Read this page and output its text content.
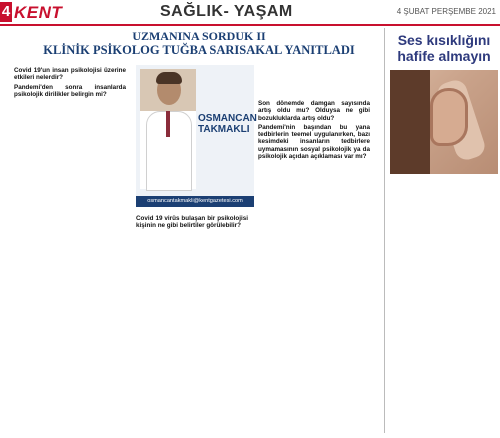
4 KENT	SAĞLIK- YAŞAM	4 ŞUBAT PERŞEMBE 2021
UZMANINA SORDUK II
KLİNİK PSİKOLOG TUĞBA SARISAKAL YANITLADI

Covid 19'un insan psikolojisi üzerine etkileri nelerdir?

Pandemi'den sonra insanlarda psikolojik dirilikler belirgin mi?

OSMANCAN
TAKMAKLI
osmancantakmakli@kentgazetesi.com

Covid 19 virüs bulaşan bir psikolojisi kişinin ne gibi belirtiler görülebilir?

Son dönemde damgan sayısında artış oldu mu? Olduysa ne gibi bozukluklarda artış oldu?

Pandemi'nin başından bu yana tedbirlerin teemel uygulanırken, bazı kesimdeki insanların tedbirlere uymamasının sosyal psikolojik ya da psikolojik açıdan açıklaması var mı?

Ses kısıklığını hafife almayın
